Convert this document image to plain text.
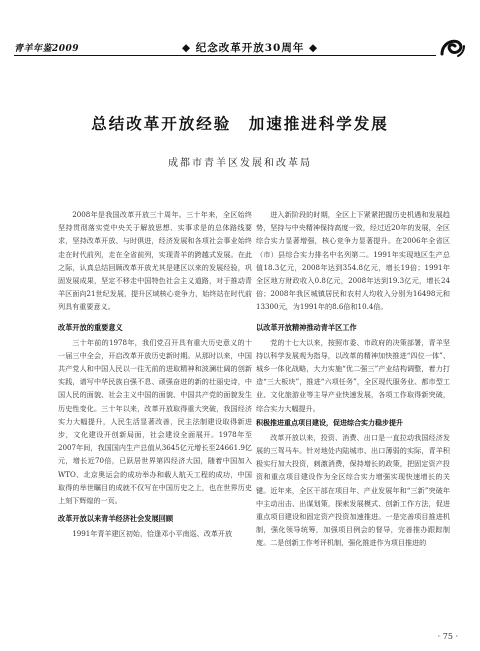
青羊年鉴2009	◆ 纪念改革开放30周年 ◆
总结改革开放经验　加速推进科学发展
成都市青羊区发展和改革局

2008年是我国改革开放三十周年。三十年来，全区始终坚持贯彻落实党中央关于解放思想、实事求是的总体路线要求，坚持改革开放、与时俱进，经济发展和各项社会事业始终走在时代前列，走在全省前列，实现青羊的跨越式发展。在此之际，认真总结回顾改革开放尤其是建区以来的发展经验，巩固发展成果，坚定不移走中国特色社会主义道路，对于推动青羊区面向21世纪发展，提升区域核心竞争力，始终站在时代前列具有重要意义。

改革开放的重要意义

三十年前的1978年，我们党召开具有重大历史意义的十一届三中全会，开启改革开放历史新时期。从那时以来，中国共产党人和中国人民以一往无前的进取精神和波澜壮阔的创新实践，谱写中华民族自强不息、顽强奋进的新的壮丽史诗，中国人民的面貌、社会主义中国的面貌、中国共产党的面貌发生历史性变化。三十年以来，改革开放取得重大突破，我国经济实力大幅提升，人民生活显著改善，民主法制建设取得新进步，文化建设开创新局面，社会建设全面展开。1978年至2007年间，我国国内生产总值从3645亿元增长至24661.9亿元，增长近70倍，已跃居世界第四经济大国，随着中国加入WTO、北京奥运会的成功举办和载人航天工程的成功，中国取得的举世瞩目的成就不仅写在中国历史之上，也在世界历史上刻下辉煌的一页。

改革开放以来青羊经济社会发展回顾

1991年青羊建区初始，恰逢邓小平南巡、改革开放

进入新阶段的时期，全区上下紧紧把握历史机遇和发展趋势，坚持与中央精神保持高度一致，经过近20年的发展，全区综合实力显著增强，核心竞争力显著提升。在2006年全省区（市）县综合实力排名中名列第二。1991年实现地区生产总值18.3亿元，2008年达到354.8亿元，增长19倍；1991年全区地方财政收入0.8亿元，2008年达到19.3亿元，增长24倍；2008年我区城镇居民和农村人均收入分别为16498元和13300元，为1991年的8.6倍和10.4倍。

以改革开放精神推动青羊区工作

党的十七大以来，按照市委、市政府的决策部署，青羊坚持以科学发展观为指导，以改革的精神加快推进“四位一体”、城乡一体化战略，大力实施“优二强三”产业结构调整，着力打造“三大板块”，推进“六项任务”，全区现代服务业、都市型工业、文化旅游业等主导产业快速发展，各项工作取得新突破，综合实力大幅提升。

积极推进重点项目建设，促进综合实力稳步提升

改革开放以来，投资、消费、出口是一直拉动我国经济发展的三驾马车。针对地处内陆城市、出口薄弱的实际，青羊积极实行加大投资，刺激消费，保持增长的政策，把固定资产投资和重点项目建设作为全区综合实力增强实现快速增长的关键。近年来，全区干部在项目年、产业发展年和“三新”突破年中主动出击、出谋划策，探索发展模式、创新工作方法，促进重点项目建设和固定资产投资加速推进。一是完善项目推进机制，强化领导统筹，加强项目例会的督导，完善推办跟踪制度。二是创新工作考评机制，强化推进作为项目推进的

· 75 ·
